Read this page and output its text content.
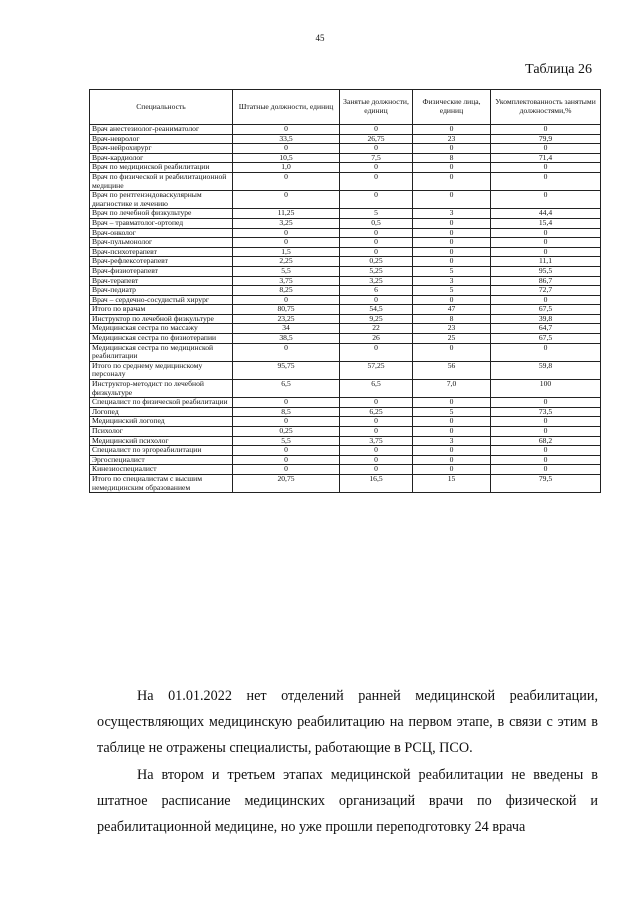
45
Таблица 26
Специальность	Штатные должности, единиц	Занятые должности, единиц	Физические лица, единиц	Укомплектованность занятыми должностями,%
Врач анестезиолог-реаниматолог	0	0	0	0
Врач-невролог	33,5	26,75	23	79,9
Врач-нейрохирург	0	0	0	0
Врач-кардиолог	10,5	7,5	8	71,4
Врач по медицинской реабилитации	1,0	0	0	0
Врач по физической и реабилитационной медицине	0	0	0	0
Врач по рентгенэндоваскулярным диагностике и лечению	0	0	0	0
Врач по лечебной физкультуре	11,25	5	3	44,4
Врач – травматолог-ортопед	3,25	0,5	0	15,4
Врач-онколог	0	0	0	0
Врач-пульмонолог	0	0	0	0
Врач-психотерапевт	1,5	0	0	0
Врач-рефлексотерапевт	2,25	0,25	0	11,1
Врач-физиотерапевт	5,5	5,25	5	95,5
Врач-терапевт	3,75	3,25	3	86,7
Врач-педиатр	8,25	6	5	72,7
Врач – сердечно-сосудистый хирург	0	0	0	0
Итого по врачам	80,75	54,5	47	67,5
Инструктор по лечебной физкультуре	23,25	9,25	8	39,8
Медицинская сестра по массажу	34	22	23	64,7
Медицинская сестра по физиотерапии	38,5	26	25	67,5
Медицинская сестра по медицинской реабилитации	0	0	0	0
Итого по среднему медицинскому персоналу	95,75	57,25	56	59,8
Инструктор-методист по лечебной физкультуре	6,5	6,5	7,0	100
Специалист по физической реабилитации	0	0	0	0
Логопед	8,5	6,25	5	73,5
Медицинский логопед	0	0	0	0
Психолог	0,25	0	0	0
Медицинский психолог	5,5	3,75	3	68,2
Специалист по эргореабилитации	0	0	0	0
Эргоспециалист	0	0	0	0
Кинезиоспециалист	0	0	0	0
Итого по специалистам с высшим немедицинским образованием	20,75	16,5	15	79,5
На 01.01.2022 нет отделений ранней медицинской реабилитации, осуществляющих медицинскую реабилитацию на первом этапе, в связи с этим в таблице не отражены специалисты, работающие в РСЦ, ПСО.
На втором и третьем этапах медицинской реабилитации не введены в штатное расписание медицинских организаций врачи по физической и реабилитационной медицине, но уже прошли переподготовку 24 врача
